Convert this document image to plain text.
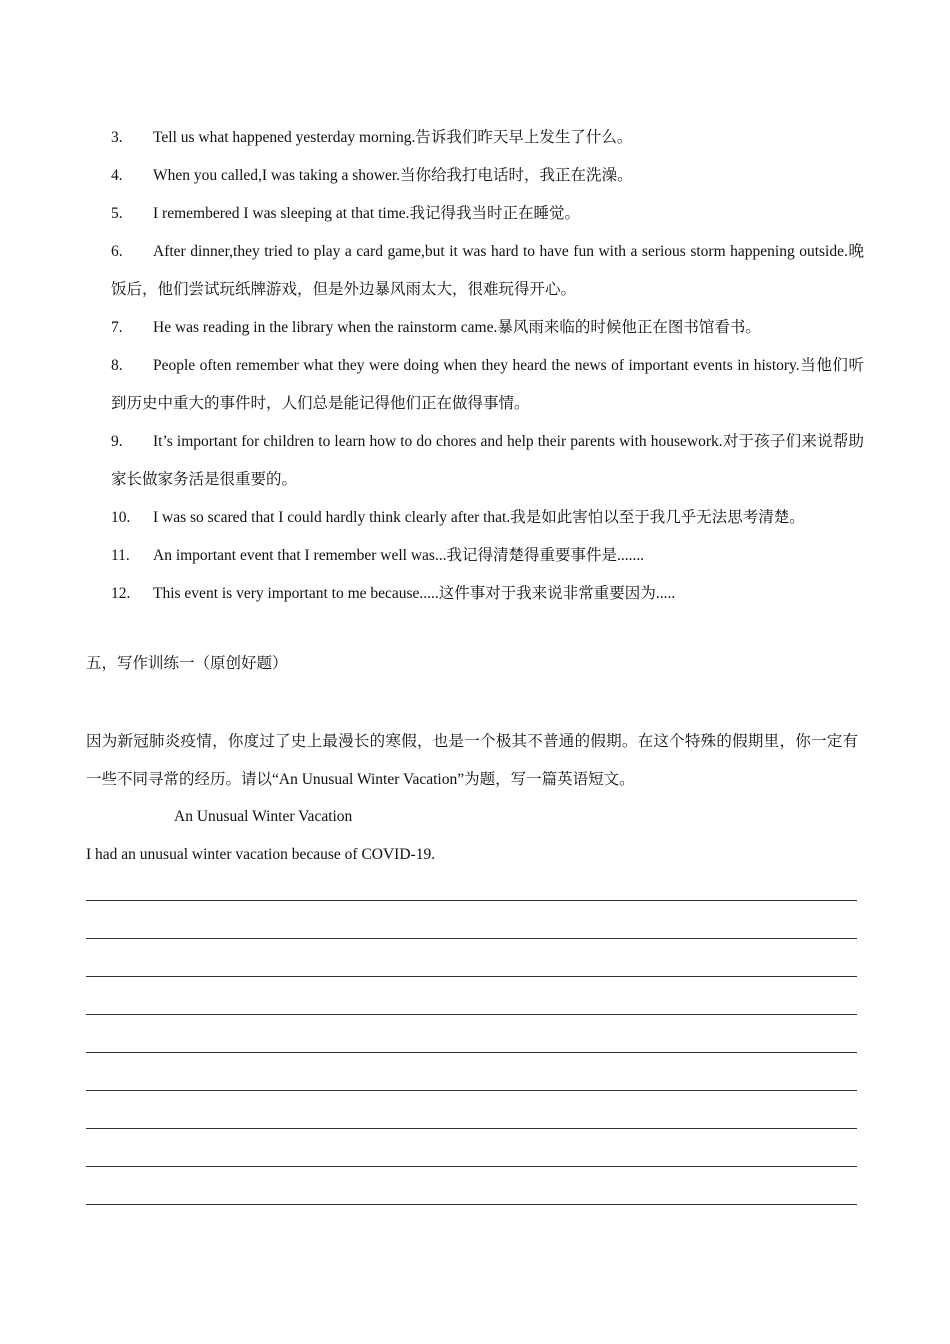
3.	Tell us what happened yesterday morning.告诉我们昨天早上发生了什么。
4.	When you called,I was taking a shower.当你给我打电话时，我正在洗澡。
5.	I remembered I was sleeping at that time.我记得我当时正在睡觉。
6.	After dinner,they tried to play a card game,but it was hard to have fun with a serious storm happening outside.晚饭后，他们尝试玩纸牌游戏，但是外边暴风雨太大，很难玩得开心。
7.	He was reading in the library when the rainstorm came.暴风雨来临的时候他正在图书馆看书。
8.	People often remember what they were doing when they heard the news of important events in history.当他们听到历史中重大的事件时，人们总是能记得他们正在做得事情。
9.	It’s important for children to learn how to do chores and help their parents with housework.对于孩子们来说帮助家长做家务活是很重要的。
10.	I was so scared that I could hardly think clearly after that.我是如此害怕以至于我几乎无法思考清楚。
11.	An important event that I remember well was...我记得清楚得重要事件是.......
12.	This event is very important to me because.....这件事对于我来说非常重要因为.....
五，写作训练一（原创好题）
因为新冠肺炎疫情，你度过了史上最漫长的寒假，也是一个极其不普通的假期。在这个特殊的假期里，你一定有一些不同寻常的经历。请以“An Unusual Winter Vacation”为题，写一篇英语短文。
An Unusual Winter Vacation
I had an unusual winter vacation because of COVID-19.
